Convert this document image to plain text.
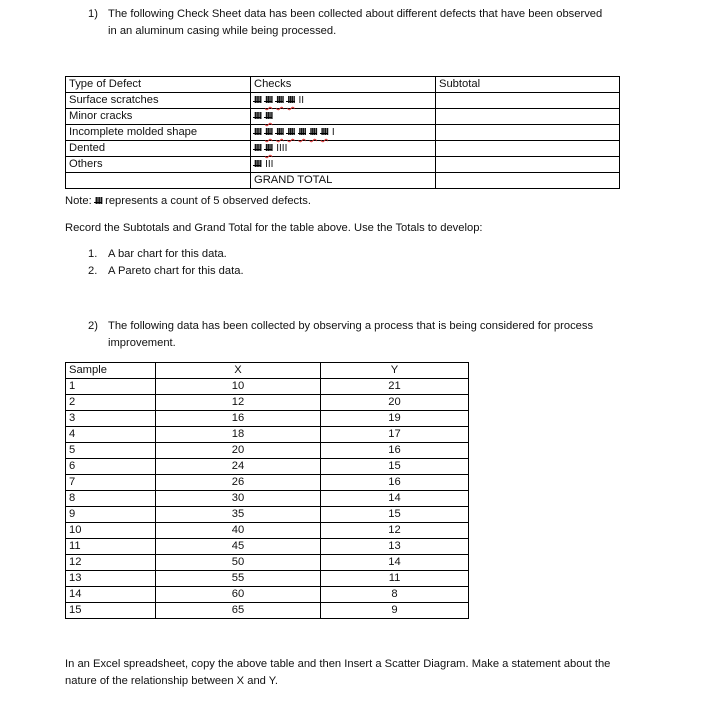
1) The following Check Sheet data has been collected about different defects that have been observed in an aluminum casing while being processed.
Type of Defect	Checks	Subtotal
Surface scratches	IIII IIII IIII IIII II	

Minor cracks	IIII IIII	

Incomplete molded shape	IIII IIII IIII IIII IIII IIII IIII I

Dented	IIII IIII IIII	

Others	IIII III	

	GRAND TOTAL	
Note: IIII represents a count of 5 observed defects.
Record the Subtotals and Grand Total for the table above. Use the Totals to develop:
1. A bar chart for this data.
2. A Pareto chart for this data.
2) The following data has been collected by observing a process that is being considered for process improvement.
Sample	X	Y
1	10	21
2	12	20
3	16	19
4	18	17
5	20	16
6	24	15
7	26	16
8	30	14
9	35	15
10	40	12
11	45	13
12	50	14
13	55	11
14	60	8
15	65	9
In an Excel spreadsheet, copy the above table and then Insert a Scatter Diagram. Make a statement about the nature of the relationship between X and Y.
